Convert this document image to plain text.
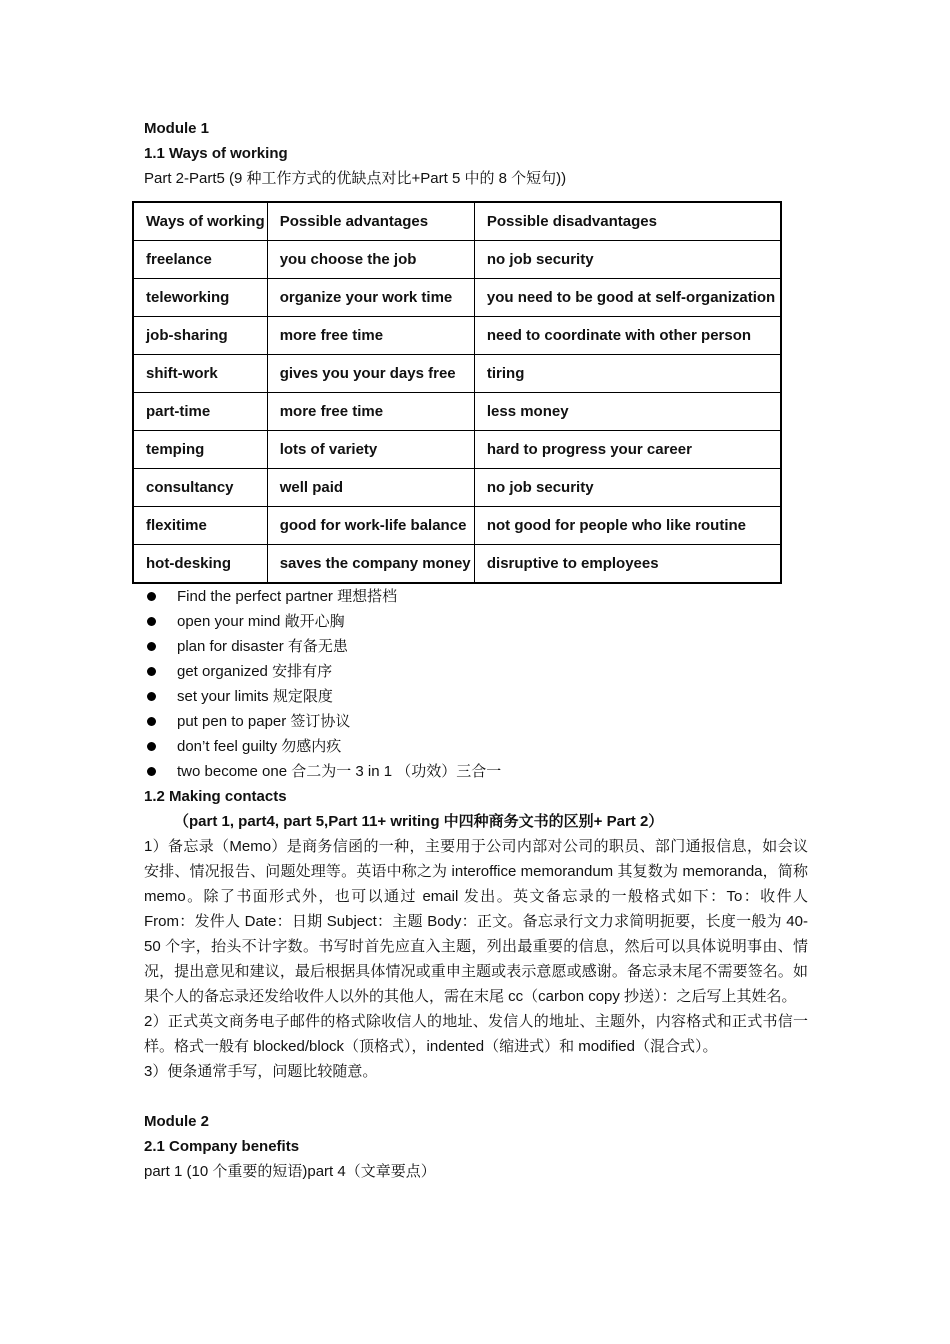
Module 1
1.1 Ways of working
Part 2-Part5 (9 种工作方式的优缺点对比+Part 5 中的 8 个短句))
Ways of working	Possible advantages	Possible disadvantages
freelance	you choose the job	no job security
teleworking	organize your work time	you need to be good at self-organization
job-sharing	more free time	need to coordinate with other person
shift-work	gives you your days free	tiring
part-time	more free time	less money
temping	lots of variety	hard to progress your career
consultancy	well paid	no job security
flexitime	good for work-life balance	not good for people who like routine
hot-desking	saves the company money	disruptive to employees
Find the perfect partner 理想搭档
open your mind 敞开心胸
plan for disaster 有备无患
get organized 安排有序
set your limits 规定限度
put pen to paper 签订协议
don’t feel guilty 勿感内疚
two become one 合二为一 3 in 1 （功效）三合一
1.2 Making contacts
（part 1, part4, part 5,Part 11+ writing 中四种商务文书的区别+ Part 2）
1）备忘录（Memo）是商务信函的一种，主要用于公司内部对公司的职员、部门通报信息，如会议安排、情况报告、问题处理等。英语中称之为 interoffice memorandum 其复数为 memoranda，简称 memo。除了书面形式外，也可以通过 email 发出。英文备忘录的一般格式如下：To：收件人 From：发件人 Date：日期 Subject：主题 Body：正文。备忘录行文力求简明扼要，长度一般为 40-50 个字，抬头不计字数。书写时首先应直入主题，列出最重要的信息，然后可以具体说明事由、情况，提出意见和建议，最后根据具体情况或重申主题或表示意愿或感谢。备忘录末尾不需要签名。如果个人的备忘录还发给收件人以外的其他人，需在末尾 cc（carbon copy 抄送）：之后写上其姓名。
2）正式英文商务电子邮件的格式除收信人的地址、发信人的地址、主题外，内容格式和正式书信一样。格式一般有 blocked/block（顶格式），indented（缩进式）和 modified（混合式）。
3）便条通常手写，问题比较随意。
Module 2
2.1 Company benefits
part 1 (10 个重要的短语)part 4（文章要点）
